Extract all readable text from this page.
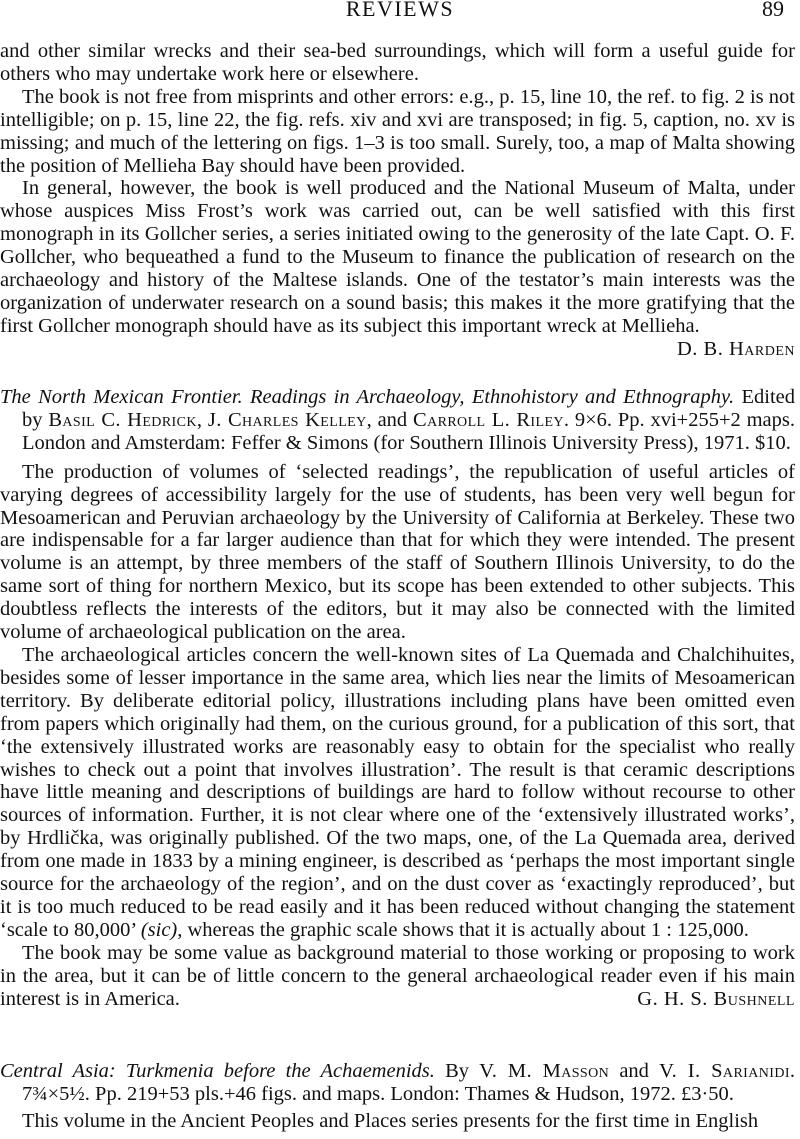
REVIEWS	89

and other similar wrecks and their sea-bed surroundings, which will form a useful guide for others who may undertake work here or elsewhere.

The book is not free from misprints and other errors: e.g., p. 15, line 10, the ref. to fig. 2 is not intelligible; on p. 15, line 22, the fig. refs. xiv and xvi are transposed; in fig. 5, caption, no. xv is missing; and much of the lettering on figs. 1–3 is too small. Surely, too, a map of Malta showing the position of Mellieha Bay should have been provided.

In general, however, the book is well produced and the National Museum of Malta, under whose auspices Miss Frost’s work was carried out, can be well satisfied with this first monograph in its Gollcher series, a series initiated owing to the generosity of the late Capt. O. F. Gollcher, who bequeathed a fund to the Museum to finance the publication of research on the archaeology and history of the Maltese islands. One of the testator’s main interests was the organization of underwater research on a sound basis; this makes it the more gratifying that the first Gollcher monograph should have as its subject this important wreck at Mellieha.
D. B. Harden

The North Mexican Frontier. Readings in Archaeology, Ethnohistory and Ethnography. Edited by Basil C. Hedrick, J. Charles Kelley, and Carroll L. Riley. 9×6. Pp. xvi+255+2 maps. London and Amsterdam: Feffer & Simons (for Southern Illinois University Press), 1971. $10.

The production of volumes of ‘selected readings’, the republication of useful articles of varying degrees of accessibility largely for the use of students, has been very well begun for Mesoamerican and Peruvian archaeology by the University of California at Berkeley. These two are indispensable for a far larger audience than that for which they were intended. The present volume is an attempt, by three members of the staff of Southern Illinois University, to do the same sort of thing for northern Mexico, but its scope has been extended to other subjects. This doubtless reflects the interests of the editors, but it may also be connected with the limited volume of archaeological publication on the area.

The archaeological articles concern the well-known sites of La Quemada and Chalchihuites, besides some of lesser importance in the same area, which lies near the limits of Mesoamerican territory. By deliberate editorial policy, illustrations including plans have been omitted even from papers which originally had them, on the curious ground, for a publication of this sort, that ‘the extensively illustrated works are reasonably easy to obtain for the specialist who really wishes to check out a point that involves illustration’. The result is that ceramic descriptions have little meaning and descriptions of buildings are hard to follow without recourse to other sources of information. Further, it is not clear where one of the ‘extensively illustrated works’, by Hrdlička, was originally published. Of the two maps, one, of the La Quemada area, derived from one made in 1833 by a mining engineer, is described as ‘perhaps the most important single source for the archaeology of the region’, and on the dust cover as ‘exactingly reproduced’, but it is too much reduced to be read easily and it has been reduced without changing the statement ‘scale to 80,000’ (sic), whereas the graphic scale shows that it is actually about 1 : 125,000.

The book may be some value as background material to those working or proposing to work in the area, but it can be of little concern to the general archaeological reader even if his main interest is in America.	G. H. S. Bushnell

Central Asia: Turkmenia before the Achaemenids. By V. M. Masson and V. I. Sarianidi. 7¾×5½. Pp. 219+53 pls.+46 figs. and maps. London: Thames & Hudson, 1972. £3·50.

This volume in the Ancient Peoples and Places series presents for the first time in English
